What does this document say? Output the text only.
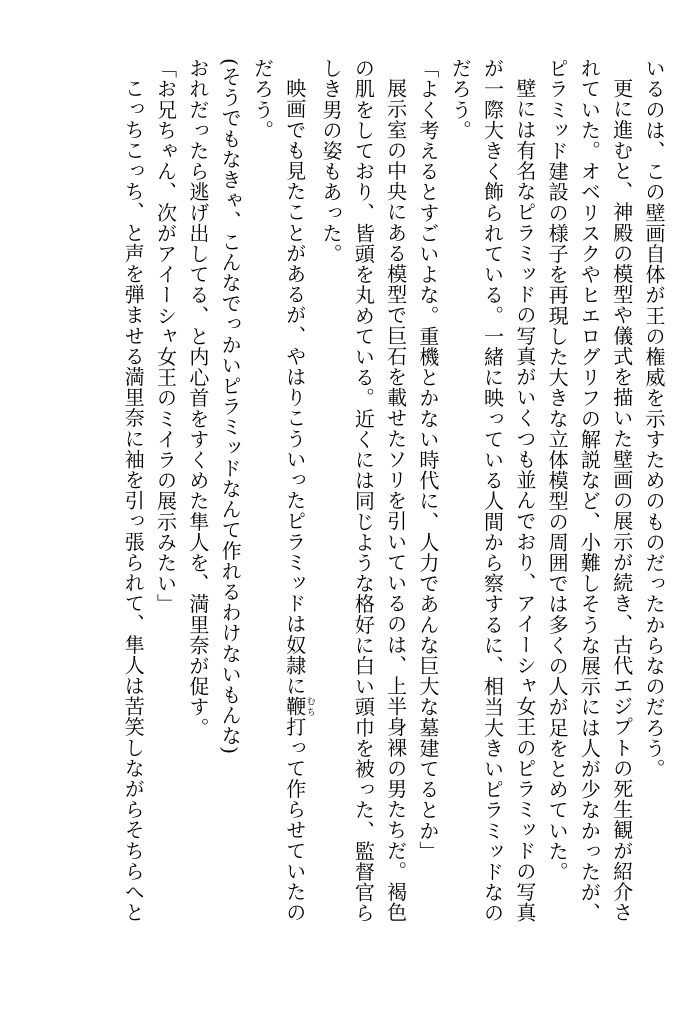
いるのは、この壁画自体が王の権威を示すためのものだったからなのだろう。
更に進むと、神殿の模型や儀式を描いた壁画の展示が続き、古代エジプトの死生観が紹介さ
れていた。オベリスクやヒエログリフの解説など、小難しそうな展示には人が少なかったが、
ピラミッド建設の様子を再現した大きな立体模型の周囲では多くの人が足をとめていた。
壁には有名なピラミッドの写真がいくつも並んでおり、アイーシャ女王のピラミッドの写真
が一際大きく飾られている。一緒に映っている人間から察するに、相当大きいピラミッドなの
だろう。
「よく考えるとすごいよな。重機とかない時代に、人力であんな巨大な墓建てるとか」
展示室の中央にある模型で巨石を載せたソリを引いているのは、上半身裸の男たちだ。褐色
の肌をしており、皆頭を丸めている。近くには同じような格好に白い頭巾を被った、監督官ら
しき男の姿もあった。
映画でも見たことがあるが、やはりこういったピラミッドは奴隷に鞭むち打って作らせていたの
だろう。
(そうでもなきゃ、こんなでっかいピラミッドなんて作れるわけないもんな)
おれだったら逃げ出してる、と内心首をすくめた隼人を、満里奈が促す。
「お兄ちゃん、次がアイーシャ女王のミイラの展示みたい」
こっちこっち、と声を弾ませる満里奈に袖を引っ張られて、隼人は苦笑しながらそちらへと
